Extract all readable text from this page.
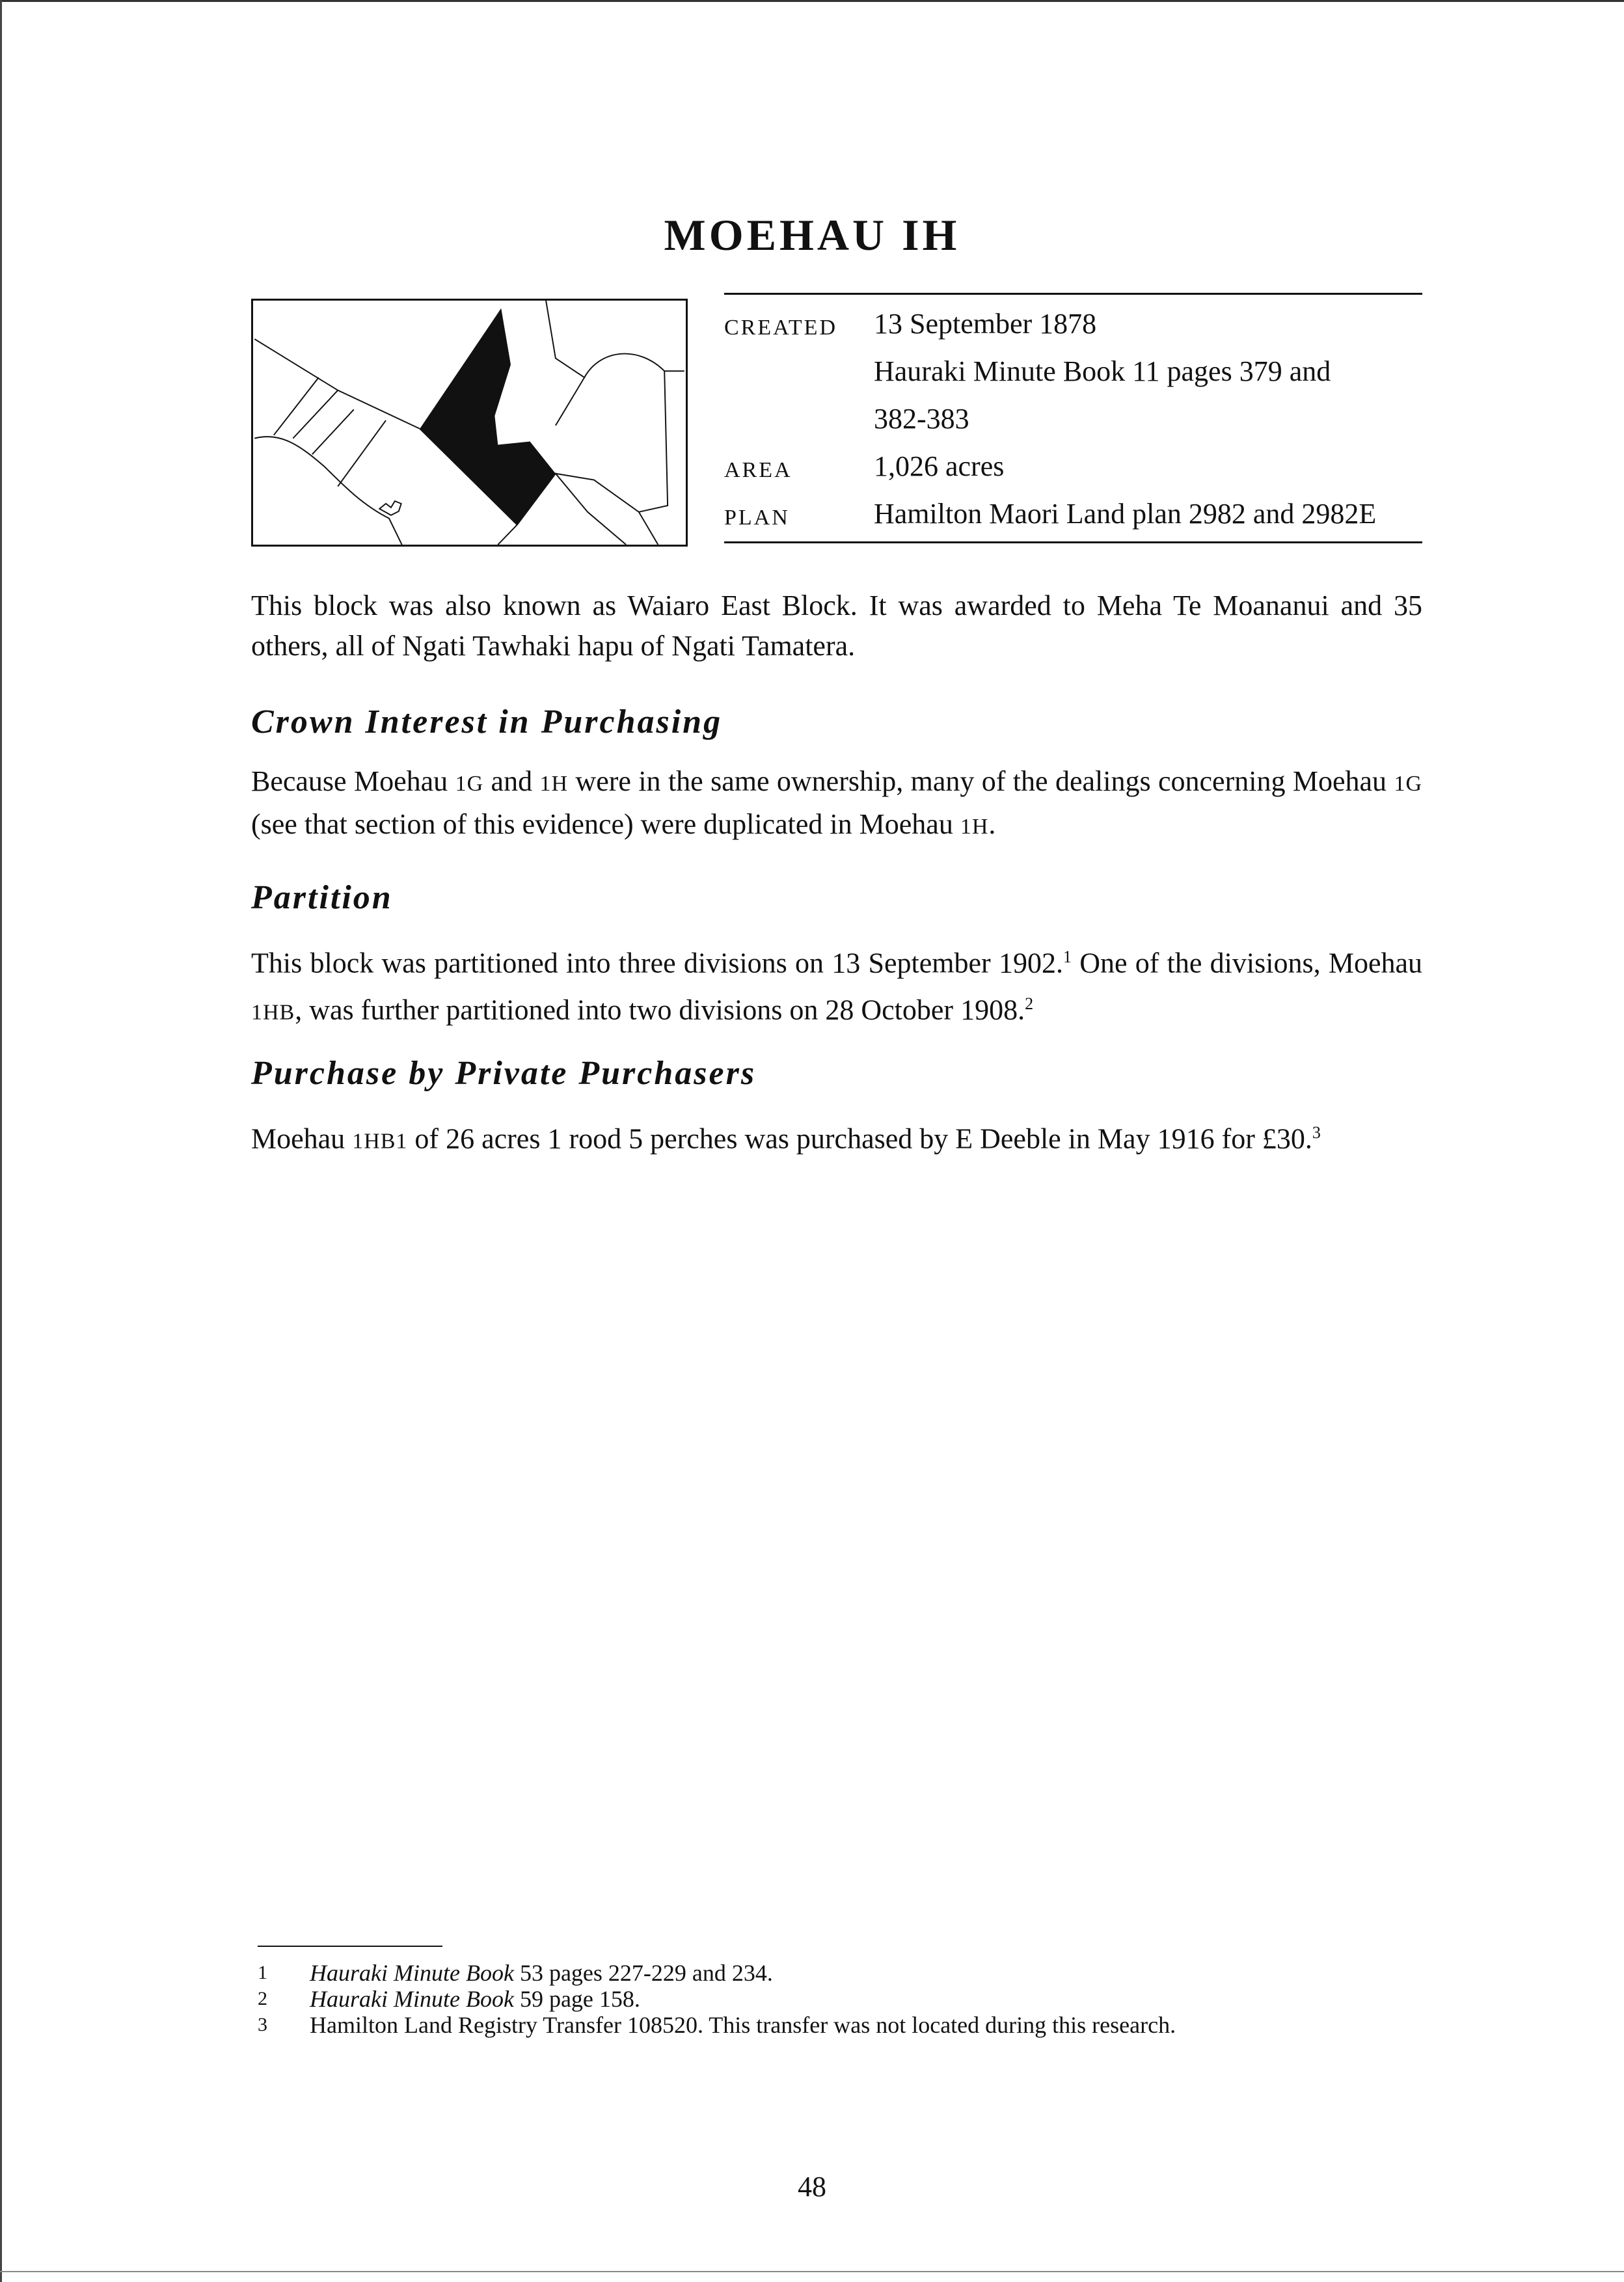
MOEHAU IH
CREATED	13 September 1878
Hauraki Minute Book 11 pages 379 and
382-383

AREA	1,026 acres
PLAN	Hamilton Maori Land plan 2982 and 2982E

This block was also known as Waiaro East Block. It was awarded to Meha Te Moananui and 35 others, all of Ngati Tawhaki hapu of Ngati Tamatera.

Crown Interest in Purchasing

Because Moehau 1G and 1H were in the same ownership, many of the dealings concerning Moehau 1G (see that section of this evidence) were duplicated in Moehau 1H.

Partition

This block was partitioned into three divisions on 13 September 1902.$^1$ One of the divisions, Moehau 1HB, was further partitioned into two divisions on 28 October 1908.$^2$

Purchase by Private Purchasers

Moehau 1HB1 of 26 acres 1 rood 5 perches was purchased by E Deeble in May 1916 for £30.$^3$

1	Hauraki Minute Book 53 pages 227-229 and 234.
2	Hauraki Minute Book 59 page 158.
3	Hamilton Land Registry Transfer 108520. This transfer was not located during this research.
48
